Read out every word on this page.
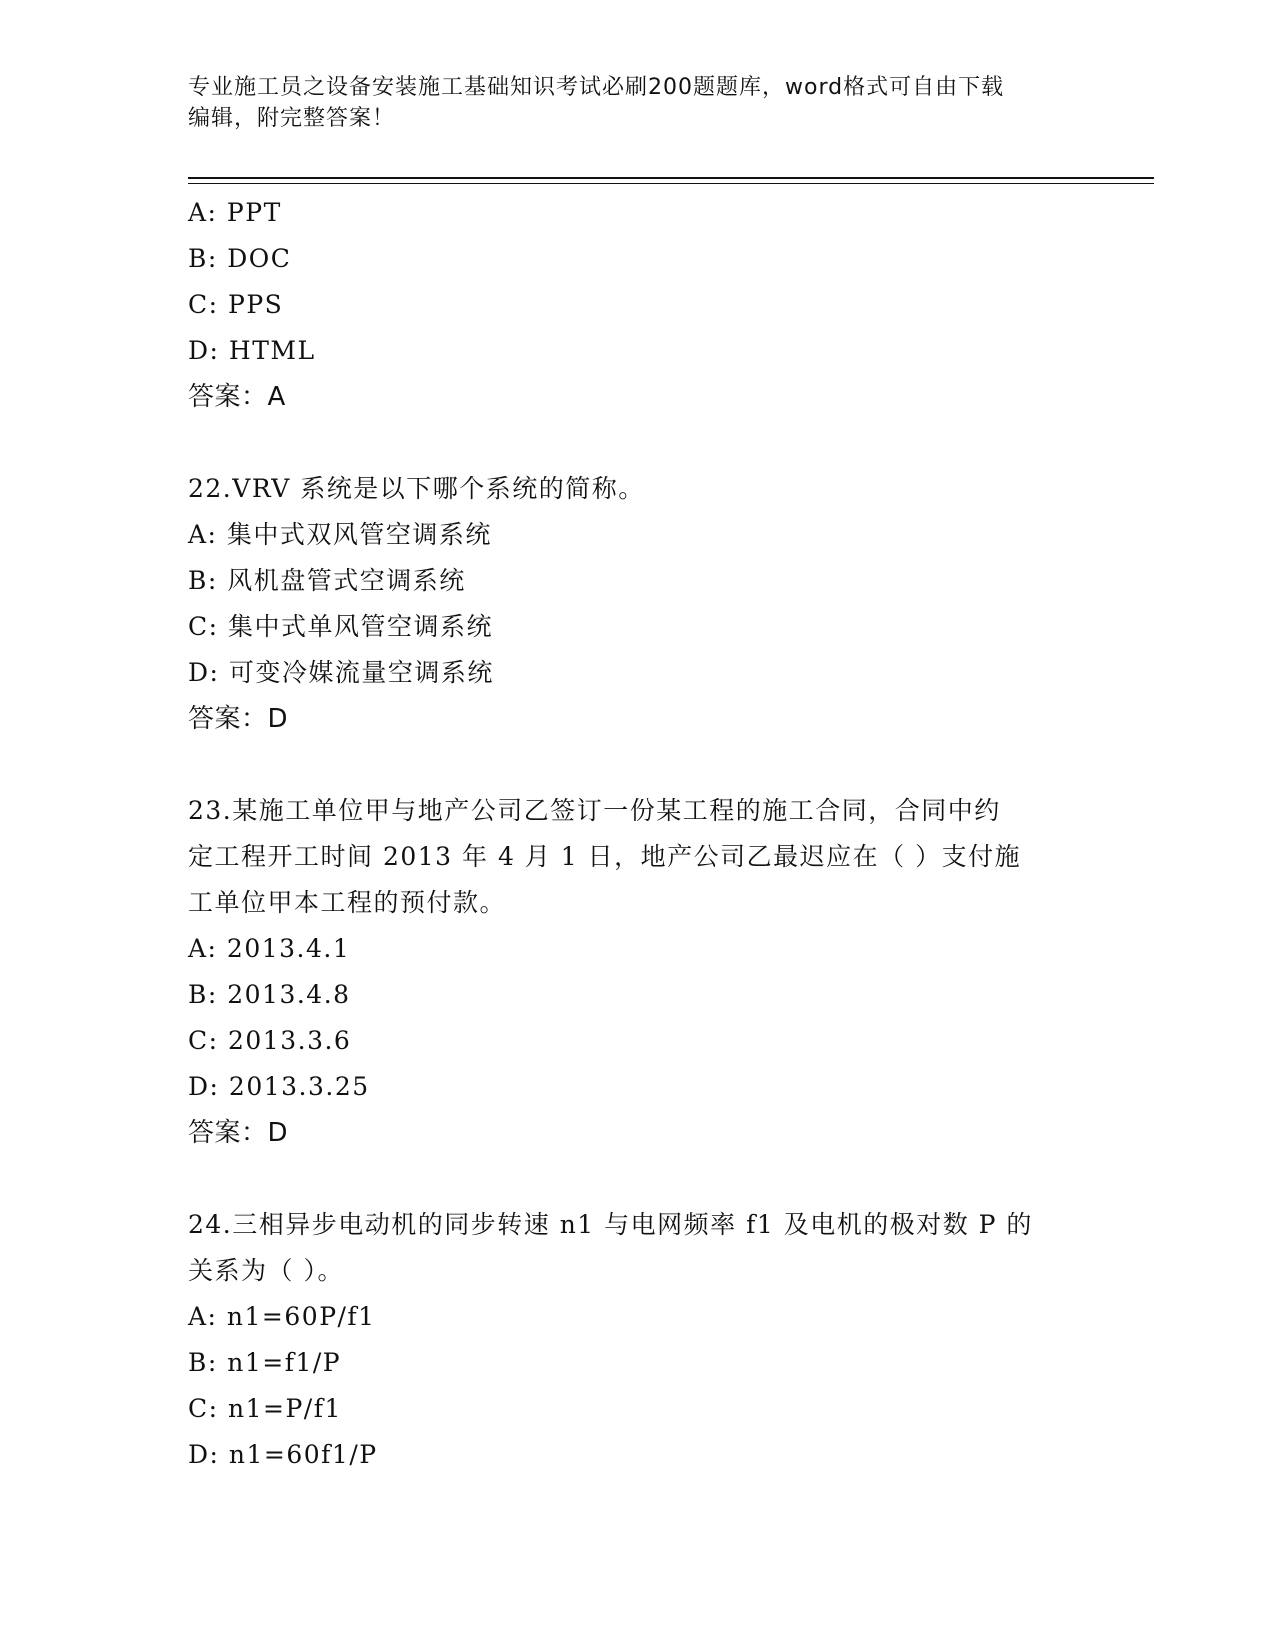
专业施工员之设备安装施工基础知识考试必刷200题题库，word格式可自由下载
编辑，附完整答案！
A: PPT
B: DOC
C: PPS
D: HTML
答案：A
22.VRV 系统是以下哪个系统的简称。
A: 集中式双风管空调系统
B: 风机盘管式空调系统
C: 集中式单风管空调系统
D: 可变冷媒流量空调系统
答案：D
23.某施工单位甲与地产公司乙签订一份某工程的施工合同，合同中约
定工程开工时间 2013 年 4 月 1 日，地产公司乙最迟应在（ ）支付施
工单位甲本工程的预付款。
A: 2013.4.1
B: 2013.4.8
C: 2013.3.6
D: 2013.3.25
答案：D
24.三相异步电动机的同步转速 n1 与电网频率 f1 及电机的极对数 P 的
关系为（ ）。
A: n1=60P/f1
B: n1=f1/P
C: n1=P/f1
D: n1=60f1/P
